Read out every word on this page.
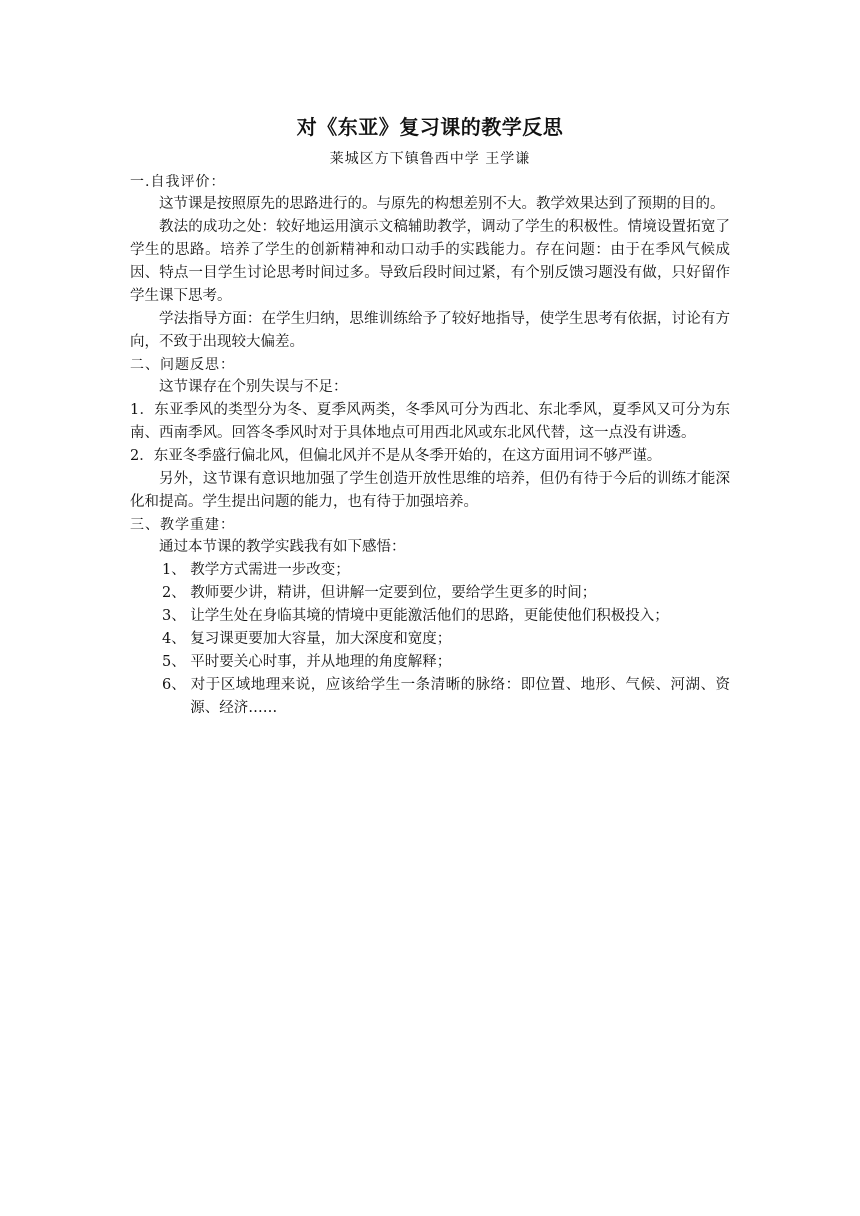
对《东亚》复习课的教学反思
莱城区方下镇鲁西中学 王学谦
一.自我评价：

这节课是按照原先的思路进行的。与原先的构想差别不大。教学效果达到了预期的目的。

教法的成功之处：较好地运用演示文稿辅助教学，调动了学生的积极性。情境设置拓宽了学生的思路。培养了学生的创新精神和动口动手的实践能力。存在问题：由于在季风气候成因、特点一目学生讨论思考时间过多。导致后段时间过紧，有个别反馈习题没有做，只好留作学生课下思考。

学法指导方面：在学生归纳，思维训练给予了较好地指导，使学生思考有依据，讨论有方向，不致于出现较大偏差。

二、问题反思：

这节课存在个别失误与不足：

1．东亚季风的类型分为冬、夏季风两类，冬季风可分为西北、东北季风，夏季风又可分为东南、西南季风。回答冬季风时对于具体地点可用西北风或东北风代替，这一点没有讲透。

2．东亚冬季盛行偏北风，但偏北风并不是从冬季开始的，在这方面用词不够严谨。

另外，这节课有意识地加强了学生创造开放性思维的培养，但仍有待于今后的训练才能深化和提高。学生提出问题的能力，也有待于加强培养。

三、教学重建：

通过本节课的教学实践我有如下感悟：

1、 教学方式需进一步改变；
2、 教师要少讲，精讲，但讲解一定要到位，要给学生更多的时间；
3、 让学生处在身临其境的情境中更能激活他们的思路，更能使他们积极投入；
4、 复习课更要加大容量，加大深度和宽度；
5、 平时要关心时事，并从地理的角度解释；
6、 对于区域地理来说，应该给学生一条清晰的脉络：即位置、地形、气候、河湖、资源、经济……
